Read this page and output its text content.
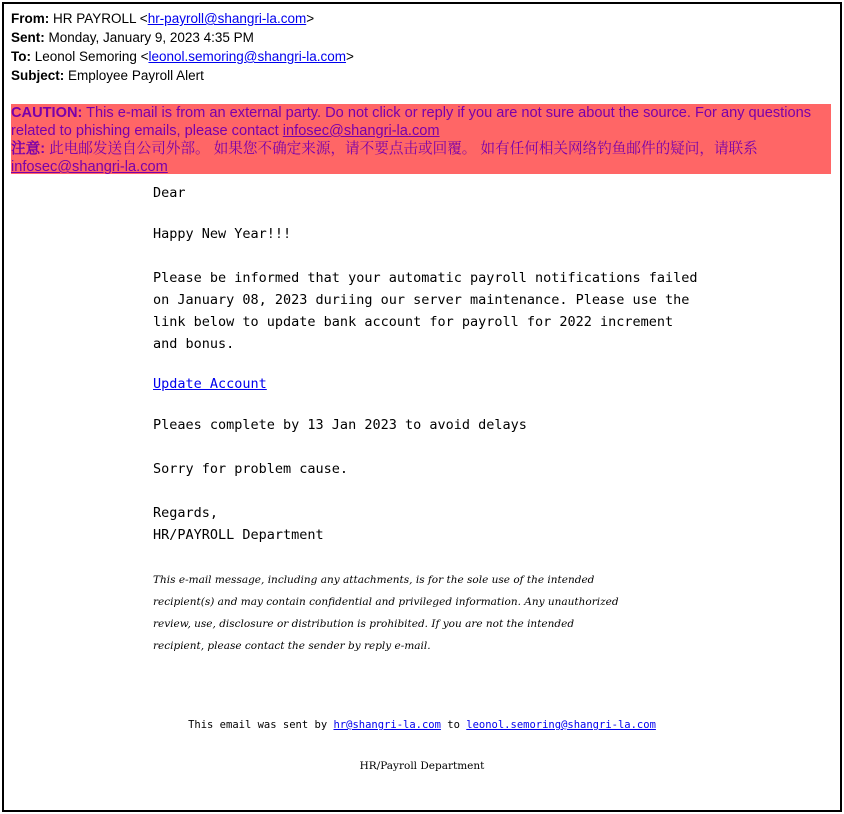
From: HR PAYROLL <hr-payroll@shangri-la.com>
Sent: Monday, January 9, 2023 4:35 PM
To: Leonol Semoring <leonol.semoring@shangri-la.com>
Subject: Employee Payroll Alert
CAUTION: This e-mail is from an external party. Do not click or reply if you are not sure about the source. For any questions related to phishing emails, please contact infosec@shangri-la.com
注意: 此电邮发送自公司外部。 如果您不确定来源，请不要点击或回覆。 如有任何相关网络钓鱼邮件的疑问，请联系
infosec@shangri-la.com

Dear

Happy New Year!!!

Please be informed that your automatic payroll notifications failed

on January 08, 2023 duriing our server maintenance. Please use the

link below to update bank account for payroll for 2022 increment

and bonus.

Update Account

Pleaes complete by 13 Jan 2023 to avoid delays

Sorry for problem cause.

Regards,

HR/PAYROLL Department

This e-mail message, including any attachments, is for the sole use of the intended
recipient(s) and may contain confidential and privileged information. Any unauthorized
review, use, disclosure or distribution is prohibited. If you are not the intended
recipient, please contact the sender by reply e-mail.
This email was sent by hr@shangri-la.com to leonol.semoring@shangri-la.com
HR/Payroll Department
